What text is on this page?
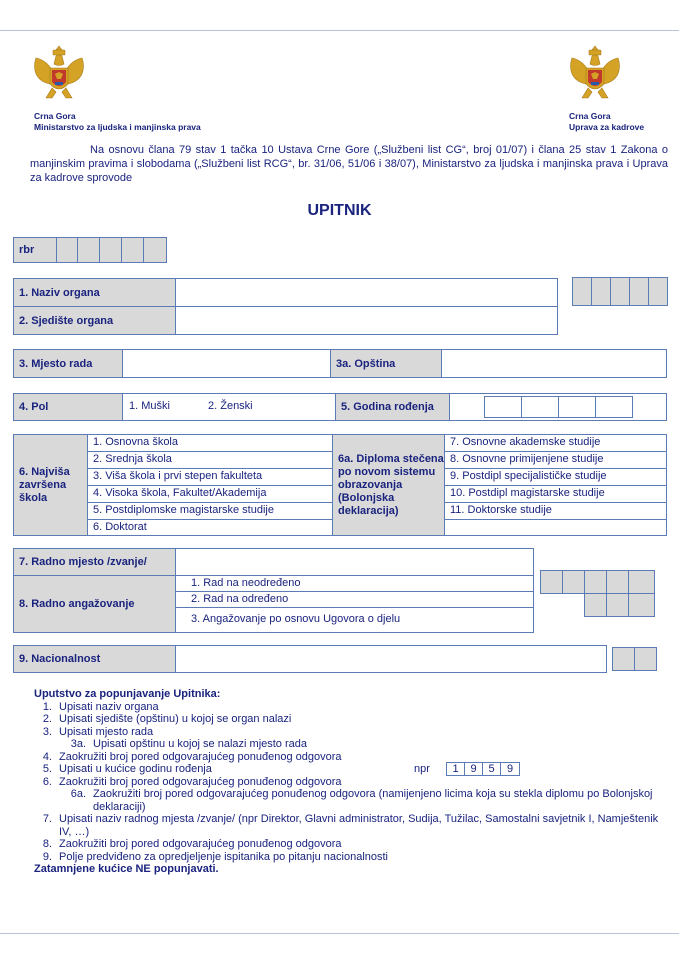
Crna Gora
Ministarstvo za ljudska i manjinska prava
Crna Gora
Uprava za kadrove
Na osnovu člana 79 stav 1 tačka 10 Ustava Crne Gore („Službeni list CG“, broj 01/07) i člana 25 stav 1 Zakona o manjinskim pravima i slobodama („Službeni list RCG“, br. 31/06, 51/06 i 38/07), Ministarstvo za ljudska i manjinska prava i Uprava za kadrove sprovode
UPITNIK
rbr
1. Naziv organa
2. Sjedište organa
3. Mjesto rada	3a. Opština
4. Pol	1. Muški	2. Ženski	5. Godina rođenja
6. Najviša završena škola
1. Osnovna škola
2. Srednja škola
3. Viša škola i prvi stepen fakulteta
4. Visoka škola, Fakultet/Akademija
5. Postdiplomske magistarske studije
6. Doktorat
6a. Diploma stečena po novom sistemu obrazovanja (Bolonjska deklaracija)
7. Osnovne akademske studije
8. Osnovne primijenjene studije
9. Postdipl specijalističke studije
10. Postdipl magistarske studije
11. Doktorske studije
7. Radno mjesto /zvanje/
8. Radno angažovanje
1. Rad na neodređeno
2. Rad na određeno
3. Angažovanje po osnovu Ugovora o djelu
9. Nacionalnost
Uputstvo za popunjavanje Upitnika:
1. Upisati naziv organa
2. Upisati sjedište (opštinu) u kojoj se organ nalazi
3. Upisati mjesto rada
3a. Upisati opštinu u kojoj se nalazi mjesto rada
4. Zaokružiti broj pored odgovarajućeg ponuđenog odgovora
5. Upisati u kućice godinu rođenja	npr	1	9	5	9
6. Zaokružiti broj pored odgovarajućeg ponuđenog odgovora
6a. Zaokružiti broj pored odgovarajućeg ponuđenog odgovora (namijenjeno licima koja su stekla diplomu po Bolonjskoj deklaraciji)
7. Upisati naziv radnog mjesta /zvanje/ (npr Direktor, Glavni administrator, Sudija, Tužilac, Samostalni savjetnik I, Namještenik IV, …)
8. Zaokružiti broj pored odgovarajućeg ponuđenog odgovora
9. Polje predviđeno za opredjeljenje ispitanika po pitanju nacionalnosti
Zatamnjene kućice NE popunjavati.
